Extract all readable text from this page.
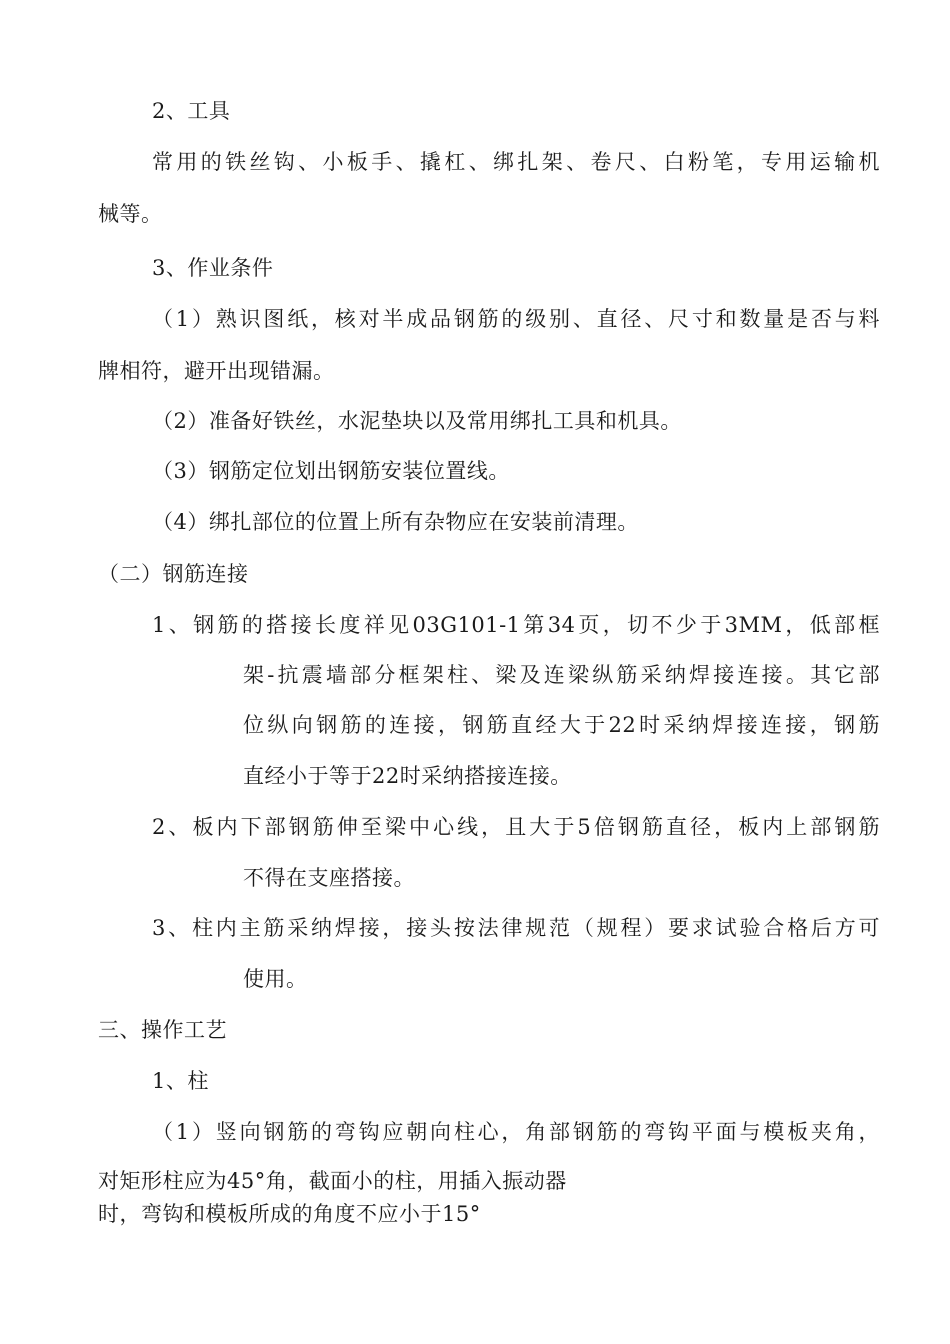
2、工具
常用的铁丝钩、小板手、撬杠、绑扎架、卷尺、白粉笔，专用运输机
械等。
3、作业条件
（1）熟识图纸，核对半成品钢筋的级别、直径、尺寸和数量是否与料
牌相符，避开出现错漏。
（2）准备好铁丝，水泥垫块以及常用绑扎工具和机具。
（3）钢筋定位划出钢筋安装位置线。
（4）绑扎部位的位置上所有杂物应在安装前清理。
（二）钢筋连接
1、钢筋的搭接长度祥见03G101-1第34页，切不少于3MM，低部框
架-抗震墙部分框架柱、梁及连梁纵筋采纳焊接连接。其它部
位纵向钢筋的连接，钢筋直经大于22时采纳焊接连接，钢筋
直经小于等于22时采纳搭接连接。
2、板内下部钢筋伸至梁中心线，且大于5倍钢筋直径，板内上部钢筋
不得在支座搭接。
3、柱内主筋采纳焊接，接头按法律规范（规程）要求试验合格后方可
使用。
三、操作工艺
1、柱
（1）竖向钢筋的弯钩应朝向柱心，角部钢筋的弯钩平面与模板夹角，
对矩形柱应为45°角，截面小的柱，用插入振动器
时，弯钩和模板所成的角度不应小于15°
